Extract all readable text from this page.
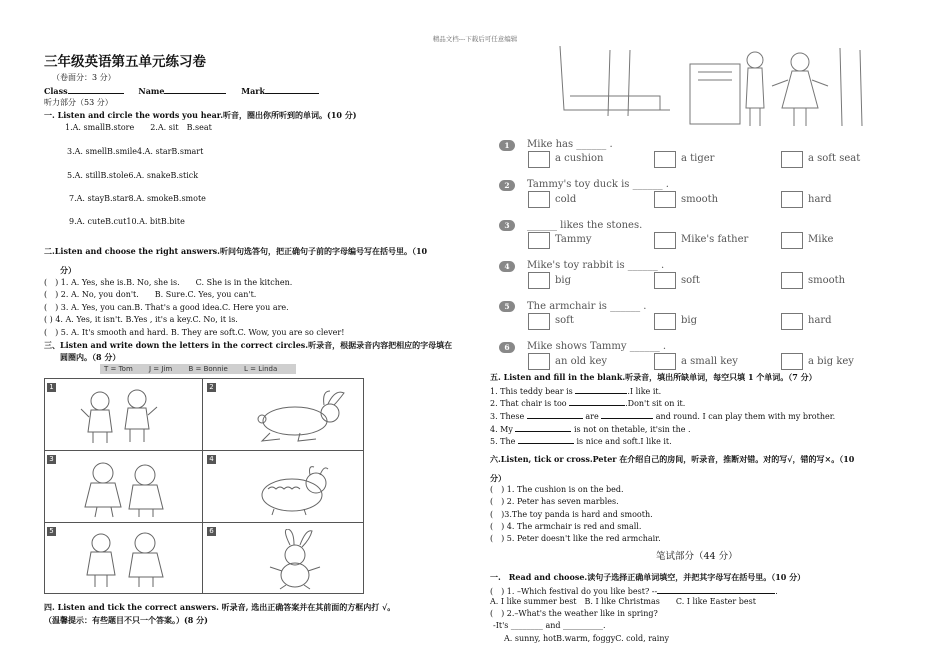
精品文档---下载后可任意编辑
三年级英语第五单元练习卷
（卷面分：3 分）
Class	Name	Mark
听力部分（53 分）
一. Listen and circle the words you hear.听音，圈出你所听到的单词。(10 分)
1.A. smallB.store　　2.A. sit　B.seat
3.A. smellB.smile4.A. starB.smart
5.A. stillB.stole6.A. snakeB.stick
7.A. stayB.star8.A. smokeB.smote
9.A. cuteB.cut10.A. bitB.bite
二.Listen and choose the right answers.听问句选答句，把正确句子前的字母编号写在括号里。（10
分）
(　) 1. A. Yes, she is.B. No, she is.　　C. She is in the kitchen.
(　) 2. A. No, you don't.　　B. Sure.C. Yes, you can't.
(　) 3. A. Yes, you can.B. That's a good idea.C. Here you are.
( ) 4. A. Yes, it isn't. B.Yes , it's a key.C. No, it is.
(　) 5. A. It's smooth and hard. B. They are soft.C. Wow, you are so clever!
三、Listen and write down the letters in the correct circles.听录音，根据录音内容把相应的字母填在
圆圈内。（8 分）
T = Tom J = Jim B = Bonnie L = Linda
1	2
3	4
5	6
四. Listen and tick the correct answers. 听录音, 选出正确答案并在其前面的方框内打 √。
（温馨提示：有些题目不只一个答案。）(8 分)
1	Mike has ______ .
a cushion	a tiger	a soft seat
2	Tammy's toy duck is ______ .
cold	smooth	hard
3	______ likes the stones.
Tammy	Mike's father	Mike
4	Mike's toy rabbit is ______ .
big	soft	smooth
5	The armchair is ______ .
soft	big	hard
6	Mike shows Tammy ______ .
an old key	a small key	a big key
五. Listen and fill in the blank.听录音，填出所缺单词，每空只填 1 个单词。（7 分）
1. This teddy bear is	.I like it.
2. That chair is too	.Don't sit on it.
3. These	are	and round. I can play them with my brother.
4. My	is not on thetable, it'sin the .
5. The	is nice and soft.I like it.
六.Listen, tick or cross.Peter 在介绍自己的房间，听录音，推断对错。对的写√，错的写×。（10
分）
(　) 1. The cushion is on the bed.
(　) 2. Peter has seven marbles.
(　)3.The toy panda is hard and smooth.
(　) 4. The armchair is red and small.
(　) 5. Peter doesn't like the red armchair.
笔试部分（44 分）
一.　Read and choose.读句子选择正确单词填空，并把其字母写在括号里。（10 分）
(　) 1. –Which festival do you like best? --	.
A. I like summer best　B. I like Christmas　　C. I like Easter best
(　) 2.–What's the weather like in spring?
-It's ________ and __________.
A. sunny, hotB.warm, foggyC. cold, rainy
